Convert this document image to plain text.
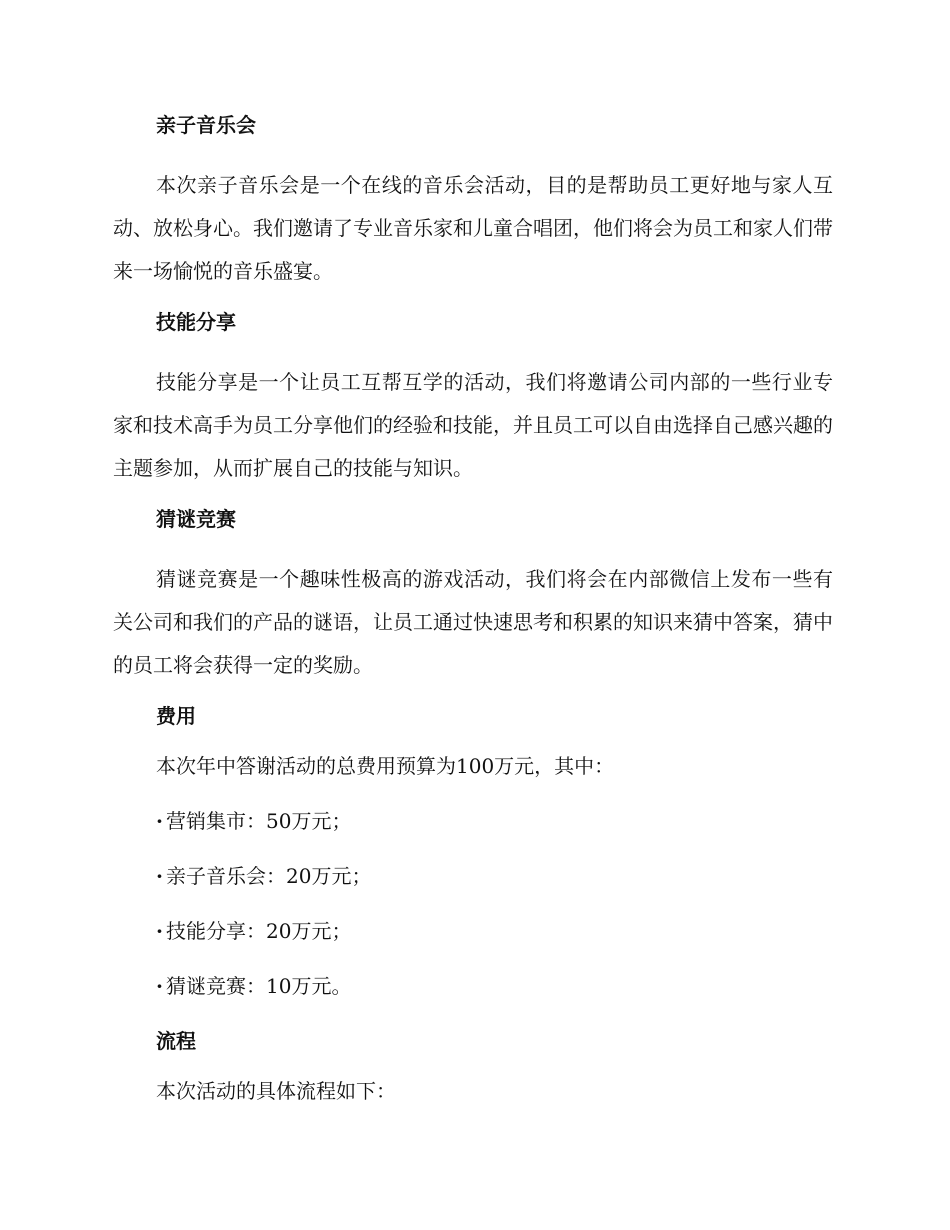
亲子音乐会

本次亲子音乐会是一个在线的音乐会活动，目的是帮助员工更好地与家人互动、放松身心。我们邀请了专业音乐家和儿童合唱团，他们将会为员工和家人们带来一场愉悦的音乐盛宴。

技能分享

技能分享是一个让员工互帮互学的活动，我们将邀请公司内部的一些行业专家和技术高手为员工分享他们的经验和技能，并且员工可以自由选择自己感兴趣的主题参加，从而扩展自己的技能与知识。

猜谜竞赛

猜谜竞赛是一个趣味性极高的游戏活动，我们将会在内部微信上发布一些有关公司和我们的产品的谜语，让员工通过快速思考和积累的知识来猜中答案，猜中的员工将会获得一定的奖励。

费用
本次年中答谢活动的总费用预算为100万元，其中：
· 营销集市：50万元；
· 亲子音乐会：20万元；
· 技能分享：20万元；
· 猜谜竞赛：10万元。
流程
本次活动的具体流程如下：
